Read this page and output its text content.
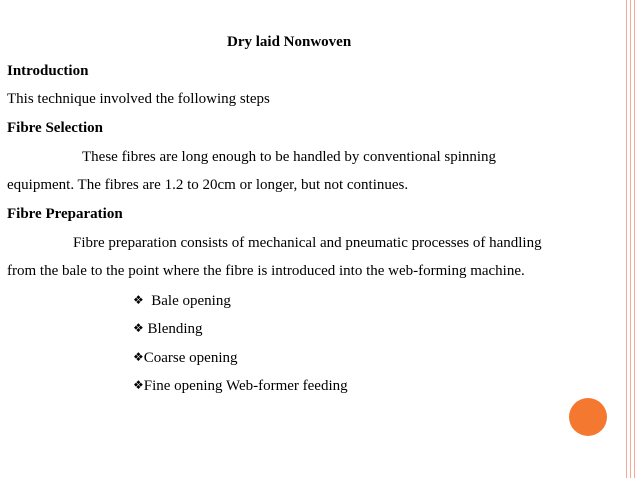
Dry laid Nonwoven
Introduction
This technique involved the following steps
Fibre Selection
These fibres are long enough to be handled by conventional spinning
equipment. The fibres are 1.2 to 20cm or longer, but not continues.
Fibre Preparation
Fibre preparation consists of mechanical and pneumatic processes of handling
from the bale to the point where the fibre is introduced into the web-forming machine.
❖  Bale opening
❖ Blending
❖Coarse opening
❖Fine opening Web-former feeding
